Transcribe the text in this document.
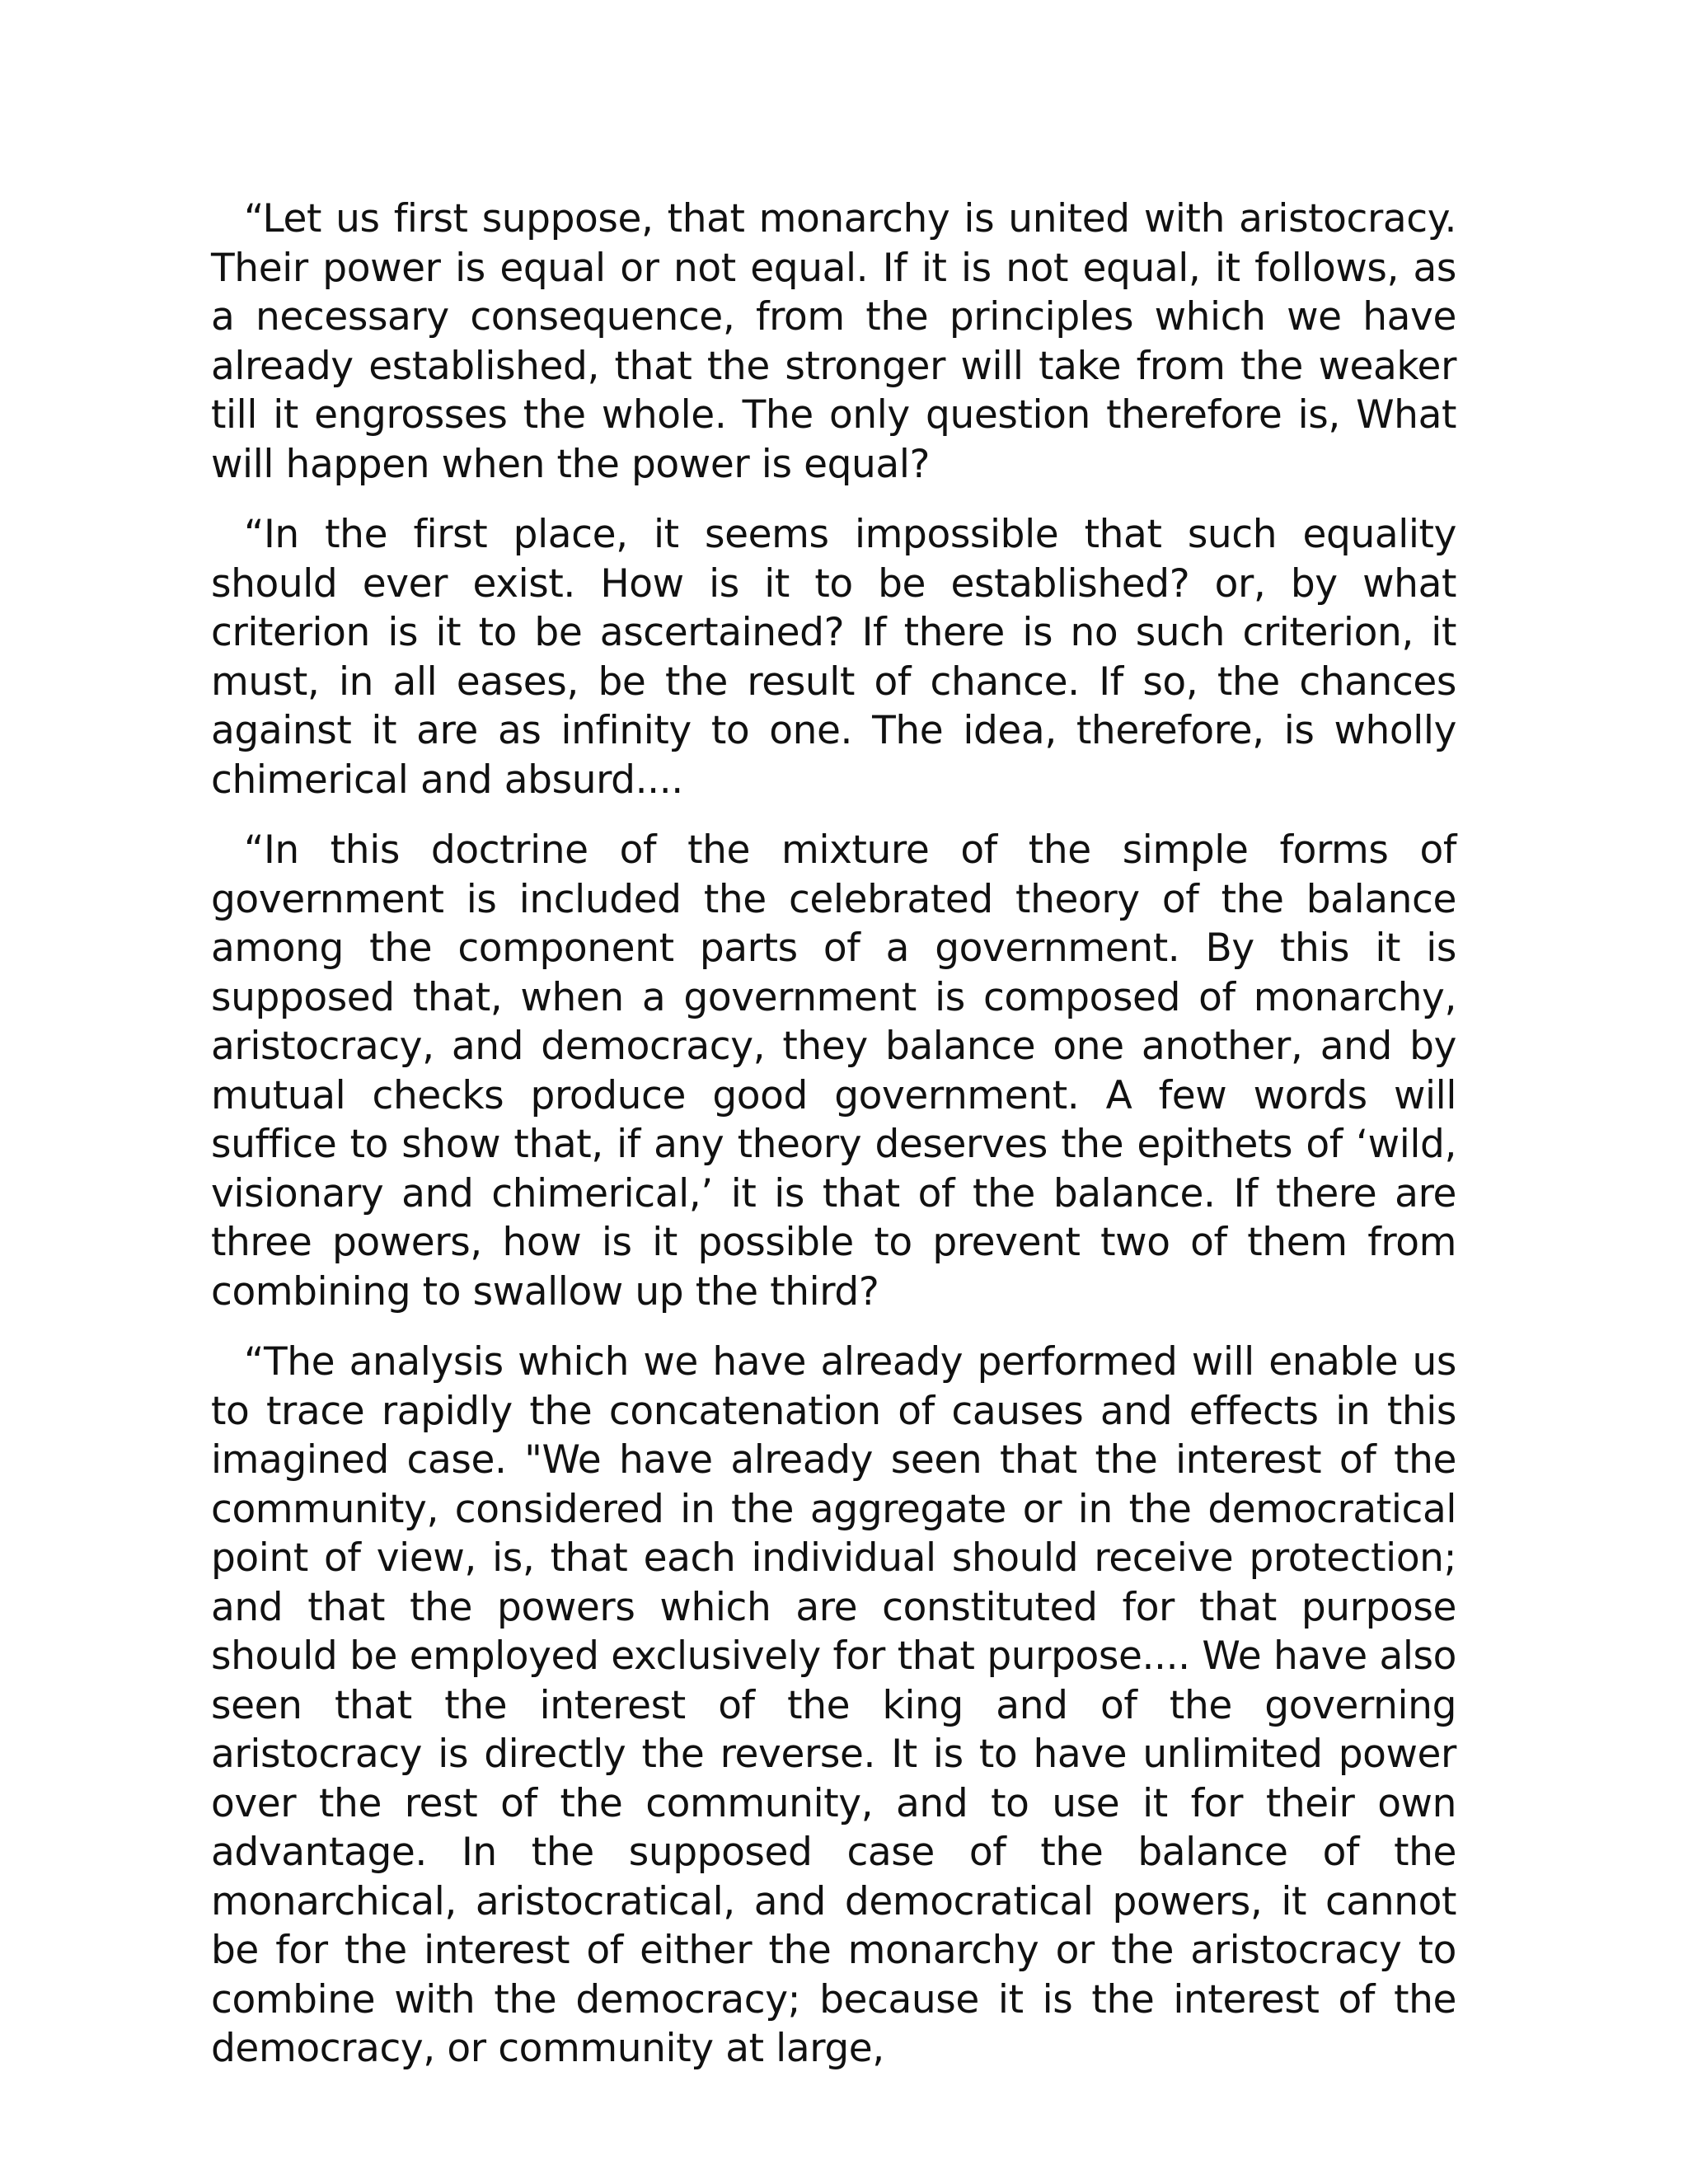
“Let us first suppose, that monarchy is united with aristocracy. Their power is equal or not equal. If it is not equal, it follows, as a necessary consequence, from the principles which we have already established, that the stronger will take from the weaker till it engrosses the whole. The only question therefore is, What will happen when the power is equal?

“In the first place, it seems impossible that such equality should ever exist. How is it to be established? or, by what criterion is it to be ascertained? If there is no such criterion, it must, in all eases, be the result of chance. If so, the chances against it are as infinity to one. The idea, therefore, is wholly chimerical and absurd....

“In this doctrine of the mixture of the simple forms of government is included the celebrated theory of the balance among the component parts of a government. By this it is supposed that, when a government is composed of monarchy, aristocracy, and democracy, they balance one another, and by mutual checks produce good government. A few words will suffice to show that, if any theory deserves the epithets of ‘wild, visionary and chimerical,’ it is that of the balance. If there are three powers, how is it possible to prevent two of them from combining to swallow up the third?

“The analysis which we have already performed will enable us to trace rapidly the concatenation of causes and effects in this imagined case. "We have already seen that the interest of the community, considered in the aggregate or in the democratical point of view, is, that each individual should receive protection; and that the powers which are constituted for that purpose should be employed exclusively for that purpose.... We have also seen that the interest of the king and of the governing aristocracy is directly the reverse. It is to have unlimited power over the rest of the community, and to use it for their own advantage. In the supposed case of the balance of the monarchical, aristocratical, and democratical powers, it cannot be for the interest of either the monarchy or the aristocracy to combine with the democracy; because it is the interest of the democracy, or community at large,
